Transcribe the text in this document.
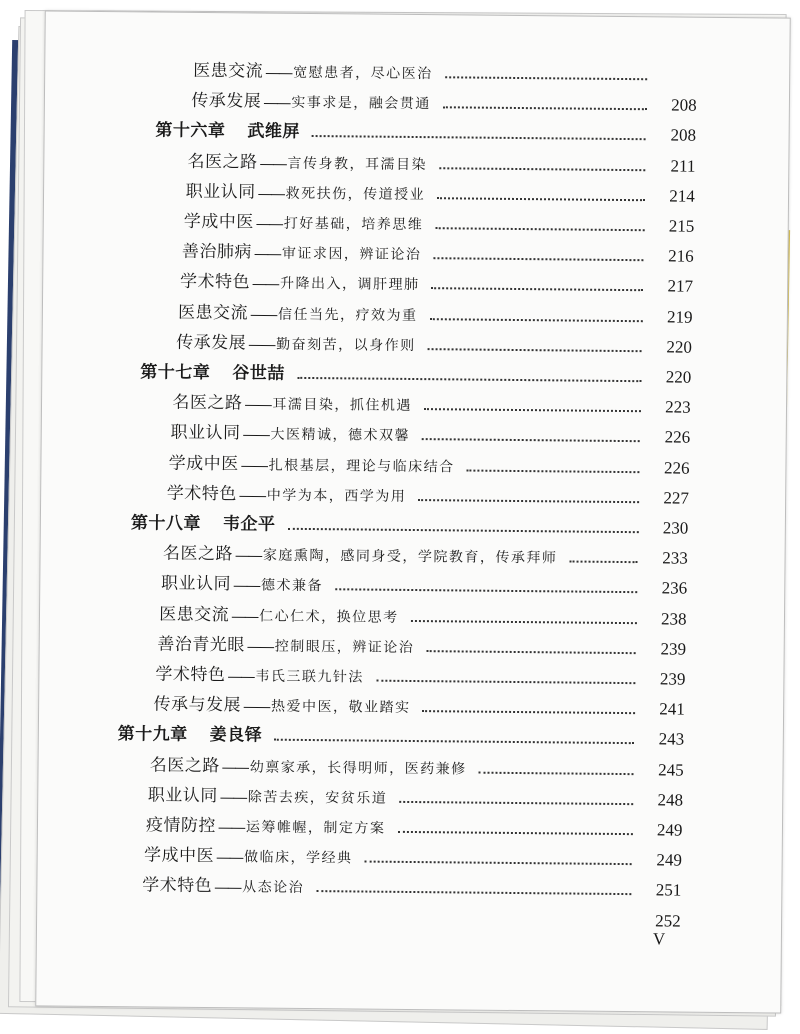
医患交流 —— 宽慰患者，尽心医治
传承发展 —— 实事求是，融会贯通	208
第十六章 武维屏	208
名医之路 —— 言传身教，耳濡目染	211
职业认同 —— 救死扶伤，传道授业	214
学成中医 —— 打好基础，培养思维	215
善治肺病 —— 审证求因，辨证论治	216
学术特色 —— 升降出入，调肝理肺	217
医患交流 —— 信任当先，疗效为重	219
传承发展 —— 勤奋刻苦，以身作则	220
第十七章 谷世喆	220
名医之路 —— 耳濡目染，抓住机遇	223
职业认同 —— 大医精诚，德术双馨	226
学成中医 —— 扎根基层，理论与临床结合	226
学术特色 —— 中学为本，西学为用	227
第十八章 韦企平	230
名医之路 —— 家庭熏陶，感同身受，学院教育，传承拜师	233
职业认同 —— 德术兼备	236
医患交流 —— 仁心仁术，换位思考	238
善治青光眼 —— 控制眼压，辨证论治	239
学术特色 —— 韦氏三联九针法	239
传承与发展 —— 热爱中医，敬业踏实	241
第十九章 姜良铎	243
名医之路 —— 幼禀家承，长得明师，医药兼修	245
职业认同 —— 除苦去疾，安贫乐道	248
疫情防控 —— 运筹帷幄，制定方案	249
学成中医 —— 做临床，学经典	249
学术特色 —— 从态论治	251
252
V
